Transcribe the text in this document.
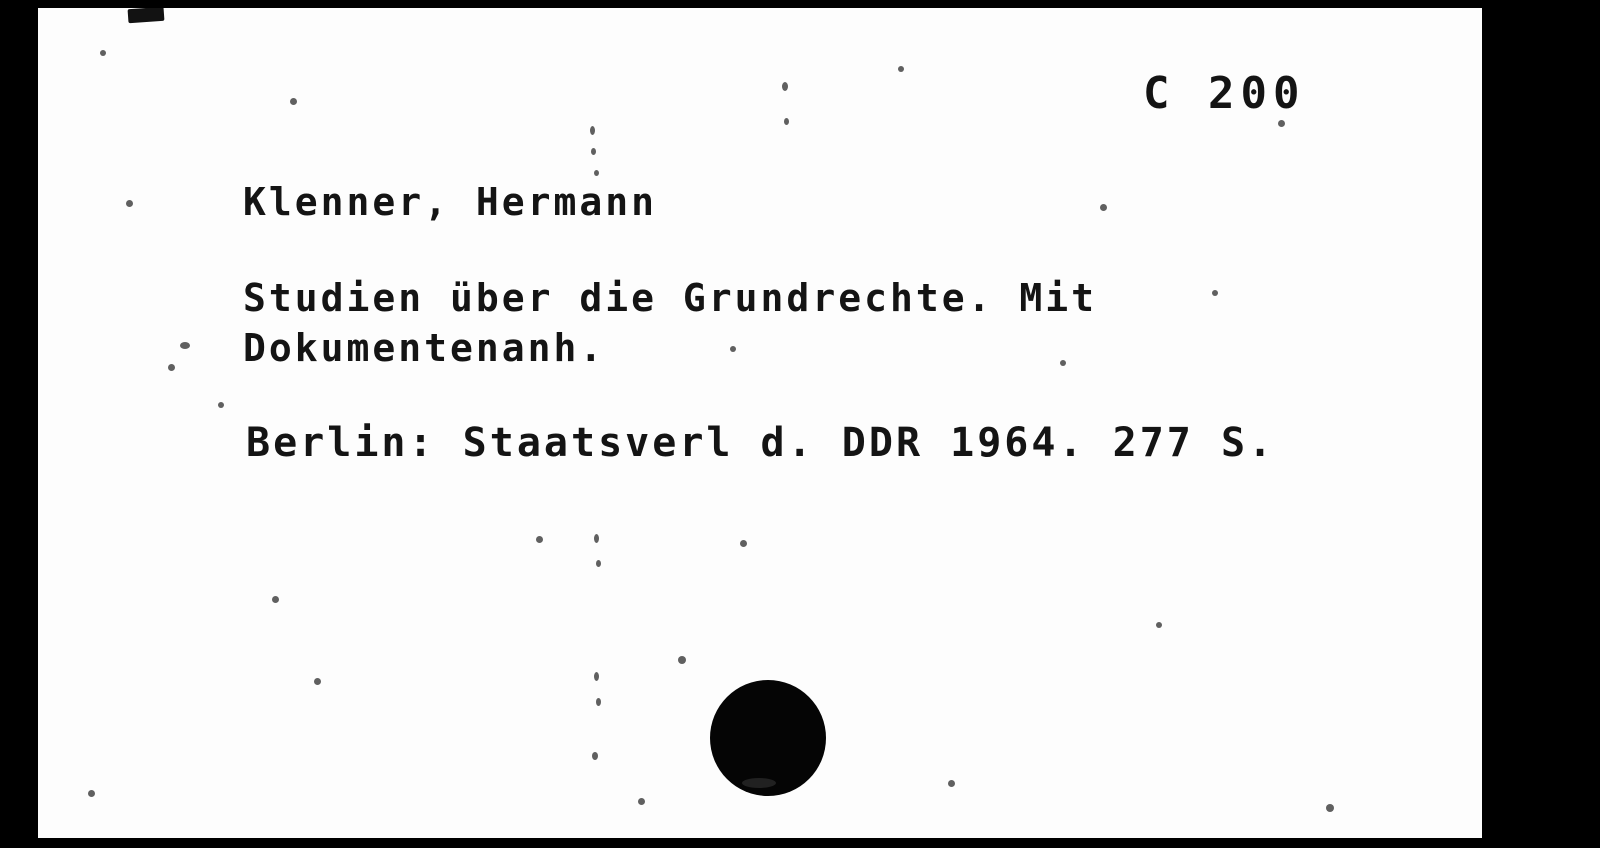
C 200
Klenner, Hermann
Studien über die Grundrechte. Mit
Dokumentenanh.
Berlin: Staatsverl d. DDR 1964. 277 S.
